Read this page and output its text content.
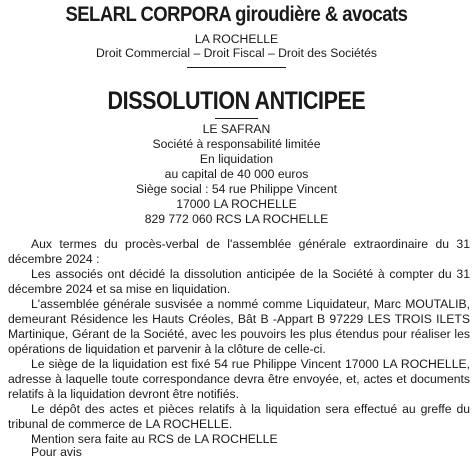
SELARL CORPORA giroudière & avocats
LA ROCHELLE
Droit Commercial – Droit Fiscal – Droit des Sociétés
DISSOLUTION ANTICIPEE
LE SAFRAN
Société à responsabilité limitée
En liquidation
au capital de 40 000 euros
Siège social : 54 rue Philippe Vincent
17000 LA ROCHELLE
829 772 060 RCS LA ROCHELLE

Aux termes du procès-verbal de l'assemblée générale extraordinaire du 31 décembre 2024 :

Les associés ont décidé la dissolution anticipée de la Société à compter du 31 décembre 2024 et sa mise en liquidation.

L'assemblée générale susvisée a nommé comme Liquidateur, Marc MOUTALIB, demeurant Résidence les Hauts Créoles, Bât B -Appart B 97229 LES TROIS ILETS Martinique, Gérant de la Société, avec les pouvoirs les plus étendus pour réaliser les opérations de liquidation et parvenir à la clôture de celle-ci.

Le siège de la liquidation est fixé 54 rue Philippe Vincent 17000 LA ROCHELLE, adresse à laquelle toute correspondance devra être envoyée, et, actes et documents relatifs à la liquidation devront être notifiés.

Le dépôt des actes et pièces relatifs à la liquidation sera effectué au greffe du tribunal de commerce de LA ROCHELLE.

Mention sera faite au RCS de LA ROCHELLE

Pour avis
